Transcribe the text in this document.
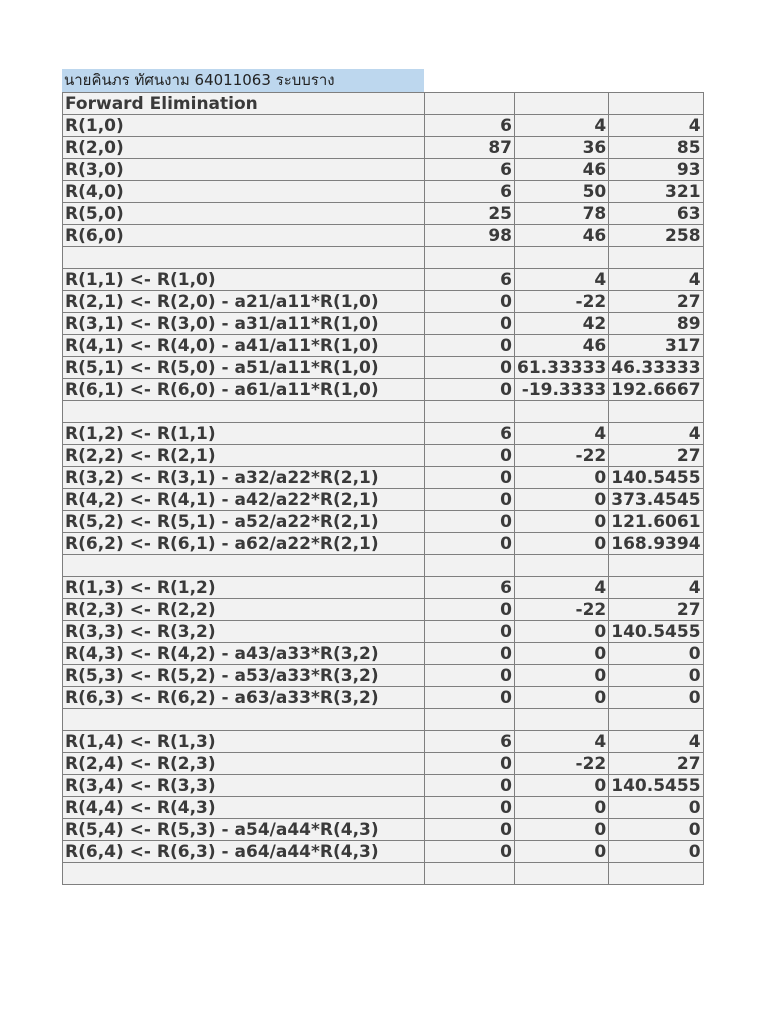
นายคินภร ทัศนงาม 64011063 ระบบราง
Forward Elimination			
R(1,0)	6	4	4
R(2,0)	87	36	85
R(3,0)	6	46	93
R(4,0)	6	50	321
R(5,0)	25	78	63
R(6,0)	98	46	258

R(1,1) <- R(1,0)	6	4	4
R(2,1) <- R(2,0) - a21/a11*R(1,0)	0	-22	27
R(3,1) <- R(3,0) - a31/a11*R(1,0)	0	42	89
R(4,1) <- R(4,0) - a41/a11*R(1,0)	0	46	317
R(5,1) <- R(5,0) - a51/a11*R(1,0)	0	61.33333	46.33333
R(6,1) <- R(6,0) - a61/a11*R(1,0)	0	-19.3333	192.6667

R(1,2) <- R(1,1)	6	4	4
R(2,2) <- R(2,1)	0	-22	27
R(3,2) <- R(3,1) - a32/a22*R(2,1)	0	0	140.5455
R(4,2) <- R(4,1) - a42/a22*R(2,1)	0	0	373.4545
R(5,2) <- R(5,1) - a52/a22*R(2,1)	0	0	121.6061
R(6,2) <- R(6,1) - a62/a22*R(2,1)	0	0	168.9394

R(1,3) <- R(1,2)	6	4	4
R(2,3) <- R(2,2)	0	-22	27
R(3,3) <- R(3,2)	0	0	140.5455
R(4,3) <- R(4,2) - a43/a33*R(3,2)	0	0	0
R(5,3) <- R(5,2) - a53/a33*R(3,2)	0	0	0
R(6,3) <- R(6,2) - a63/a33*R(3,2)	0	0	0

R(1,4) <- R(1,3)	6	4	4
R(2,4) <- R(2,3)	0	-22	27
R(3,4) <- R(3,3)	0	0	140.5455
R(4,4) <- R(4,3)	0	0	0
R(5,4) <- R(5,3) - a54/a44*R(4,3)	0	0	0
R(6,4) <- R(6,3) - a64/a44*R(4,3)	0	0	0
